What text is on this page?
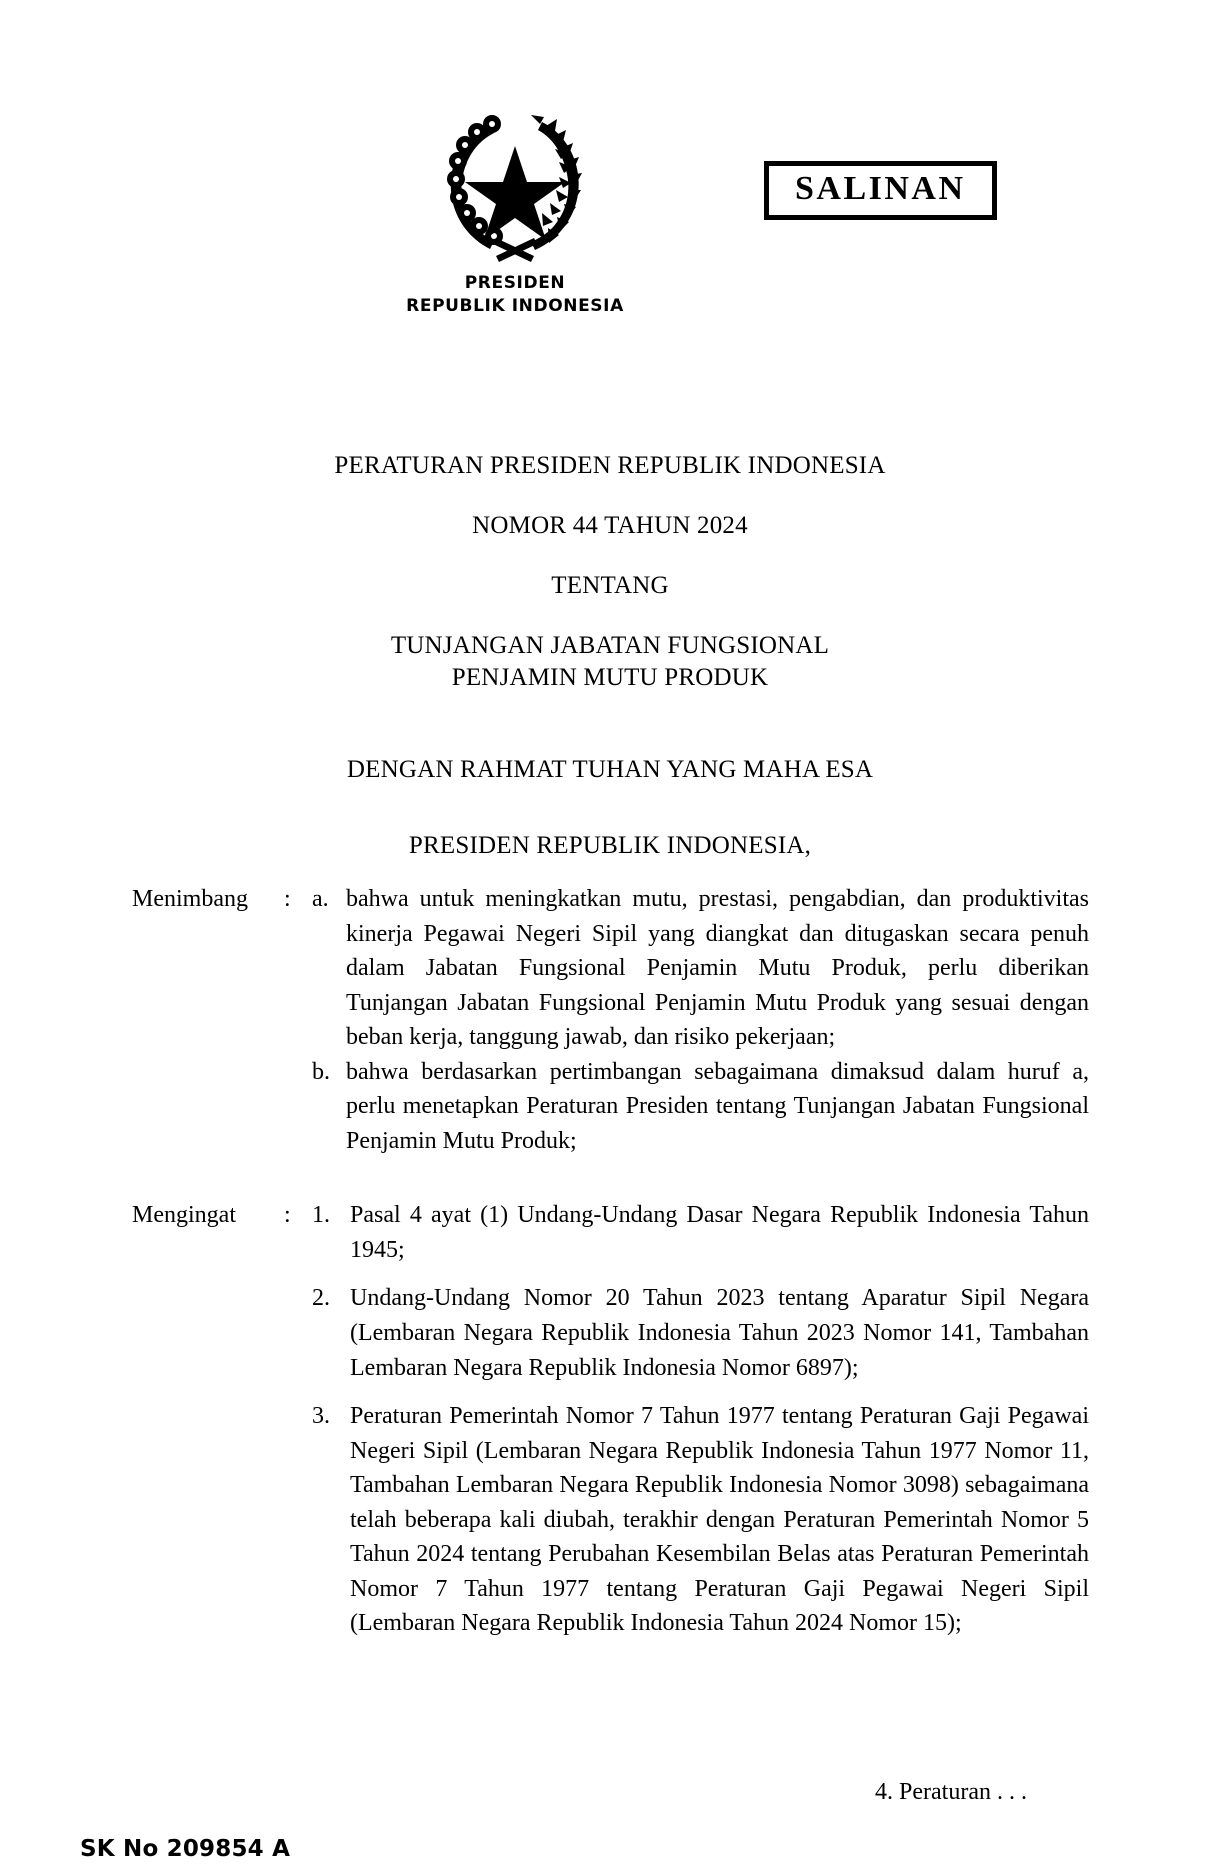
SALINAN
PRESIDEN
REPUBLIK INDONESIA
PERATURAN PRESIDEN REPUBLIK INDONESIA
NOMOR 44 TAHUN 2024
TENTANG
TUNJANGAN JABATAN FUNGSIONAL
PENJAMIN MUTU PRODUK
DENGAN RAHMAT TUHAN YANG MAHA ESA
PRESIDEN REPUBLIK INDONESIA,
Menimbang	: a. bahwa untuk meningkatkan mutu, prestasi, pengabdian, dan produktivitas kinerja Pegawai Negeri Sipil yang diangkat dan ditugaskan secara penuh dalam Jabatan Fungsional Penjamin Mutu Produk, perlu diberikan Tunjangan Jabatan Fungsional Penjamin Mutu Produk yang sesuai dengan beban kerja, tanggung jawab, dan risiko pekerjaan;
b. bahwa berdasarkan pertimbangan sebagaimana dimaksud dalam huruf a, perlu menetapkan Peraturan Presiden tentang Tunjangan Jabatan Fungsional Penjamin Mutu Produk;
Mengingat	: 1. Pasal 4 ayat (1) Undang-Undang Dasar Negara Republik Indonesia Tahun 1945;
2. Undang-Undang Nomor 20 Tahun 2023 tentang Aparatur Sipil Negara (Lembaran Negara Republik Indonesia Tahun 2023 Nomor 141, Tambahan Lembaran Negara Republik Indonesia Nomor 6897);
3. Peraturan Pemerintah Nomor 7 Tahun 1977 tentang Peraturan Gaji Pegawai Negeri Sipil (Lembaran Negara Republik Indonesia Tahun 1977 Nomor 11, Tambahan Lembaran Negara Republik Indonesia Nomor 3098) sebagaimana telah beberapa kali diubah, terakhir dengan Peraturan Pemerintah Nomor 5 Tahun 2024 tentang Perubahan Kesembilan Belas atas Peraturan Pemerintah Nomor 7 Tahun 1977 tentang Peraturan Gaji Pegawai Negeri Sipil (Lembaran Negara Republik Indonesia Tahun 2024 Nomor 15);
4. Peraturan . . .
SK No 209854 A
